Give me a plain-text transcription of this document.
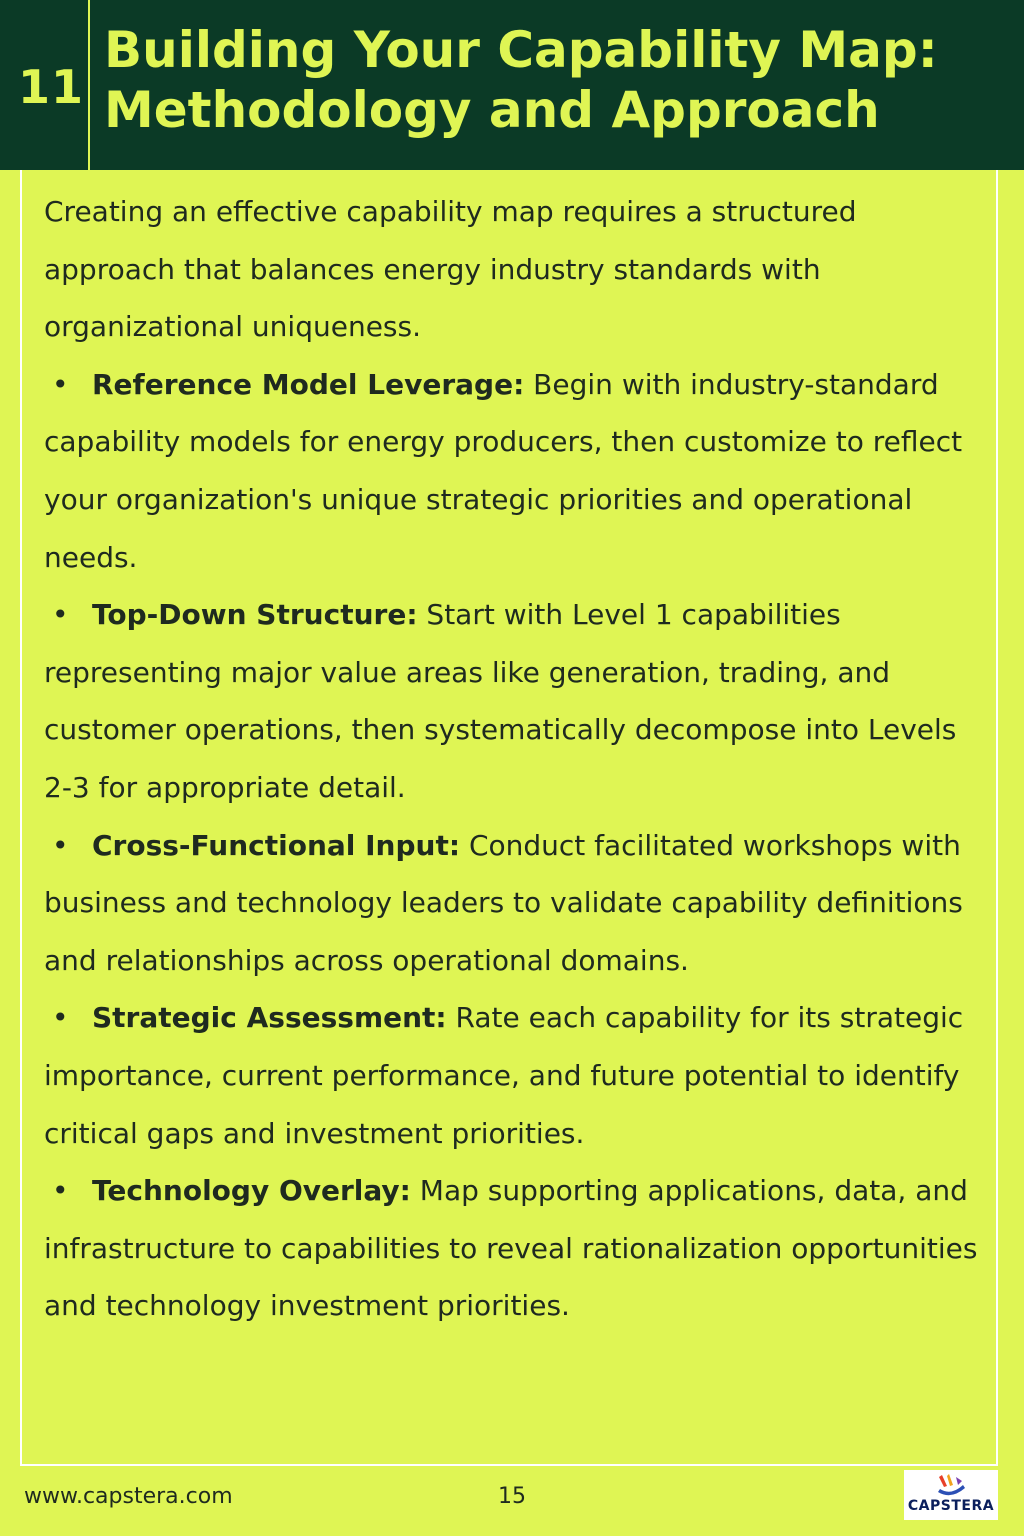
11
Building Your Capability Map:
Methodology and Approach

Creating an effective capability map requires a structured approach that balances energy industry standards with organizational uniqueness.

• Reference Model Leverage: Begin with industry-standard capability models for energy producers, then customize to reflect your organization's unique strategic priorities and operational needs.
• Top-Down Structure: Start with Level 1 capabilities representing major value areas like generation, trading, and customer operations, then systematically decompose into Levels 2-3 for appropriate detail.
• Cross-Functional Input: Conduct facilitated workshops with business and technology leaders to validate capability definitions and relationships across operational domains.
• Strategic Assessment: Rate each capability for its strategic importance, current performance, and future potential to identify critical gaps and investment priorities.
• Technology Overlay: Map supporting applications, data, and infrastructure to capabilities to reveal rationalization opportunities and technology investment priorities.
www.capstera.com	15	CAPSTERA
